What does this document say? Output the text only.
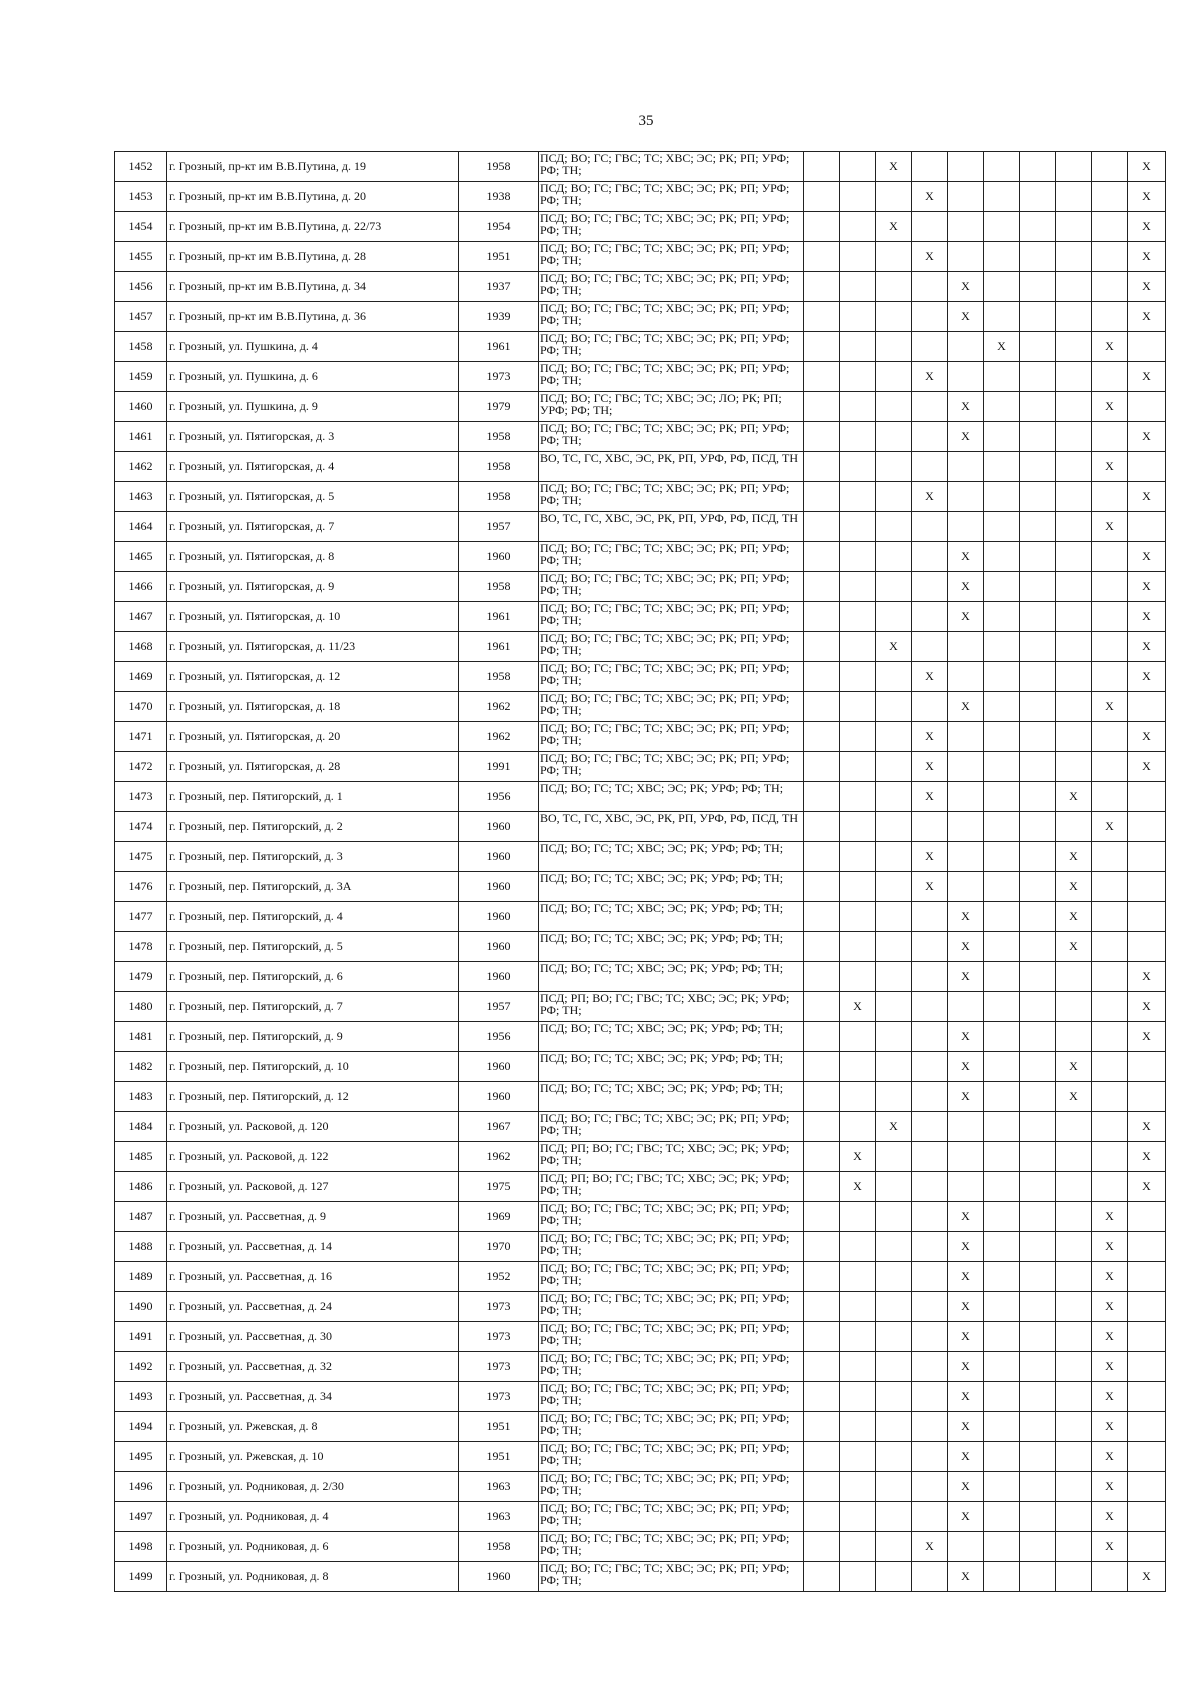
35
1452	г. Грозный, пр-кт им В.В.Путина, д. 19	1958	ПСД; ВО; ГС; ГВС; ТС; ХВС; ЭС; РК; РП; УРФ; РФ; ТН;			Х							Х
1453	г. Грозный, пр-кт им В.В.Путина, д. 20	1938	ПСД; ВО; ГС; ГВС; ТС; ХВС; ЭС; РК; РП; УРФ; РФ; ТН;				Х						Х
1454	г. Грозный, пр-кт им В.В.Путина, д. 22/73	1954	ПСД; ВО; ГС; ГВС; ТС; ХВС; ЭС; РК; РП; УРФ; РФ; ТН;			Х							Х
1455	г. Грозный, пр-кт им В.В.Путина, д. 28	1951	ПСД; ВО; ГС; ГВС; ТС; ХВС; ЭС; РК; РП; УРФ; РФ; ТН;				Х						Х
1456	г. Грозный, пр-кт им В.В.Путина, д. 34	1937	ПСД; ВО; ГС; ГВС; ТС; ХВС; ЭС; РК; РП; УРФ; РФ; ТН;					Х					Х
1457	г. Грозный, пр-кт им В.В.Путина, д. 36	1939	ПСД; ВО; ГС; ГВС; ТС; ХВС; ЭС; РК; РП; УРФ; РФ; ТН;					Х					Х
1458	г. Грозный, ул. Пушкина, д. 4	1961	ПСД; ВО; ГС; ГВС; ТС; ХВС; ЭС; РК; РП; УРФ; РФ; ТН;						Х			Х	
1459	г. Грозный, ул. Пушкина, д. 6	1973	ПСД; ВО; ГС; ГВС; ТС; ХВС; ЭС; РК; РП; УРФ; РФ; ТН;				Х						Х
1460	г. Грозный, ул. Пушкина, д. 9	1979	ПСД; ВО; ГС; ГВС; ТС; ХВС; ЭС; ЛО; РК; РП; УРФ; РФ; ТН;					Х				Х	
1461	г. Грозный, ул. Пятигорская, д. 3	1958	ПСД; ВО; ГС; ГВС; ТС; ХВС; ЭС; РК; РП; УРФ; РФ; ТН;					Х					Х
1462	г. Грозный, ул. Пятигорская, д. 4	1958	ВО, ТС, ГС, ХВС, ЭС, РК, РП, УРФ, РФ, ПСД, ТН									Х	
1463	г. Грозный, ул. Пятигорская, д. 5	1958	ПСД; ВО; ГС; ГВС; ТС; ХВС; ЭС; РК; РП; УРФ; РФ; ТН;				Х						Х
1464	г. Грозный, ул. Пятигорская, д. 7	1957	ВО, ТС, ГС, ХВС, ЭС, РК, РП, УРФ, РФ, ПСД, ТН									Х	
1465	г. Грозный, ул. Пятигорская, д. 8	1960	ПСД; ВО; ГС; ГВС; ТС; ХВС; ЭС; РК; РП; УРФ; РФ; ТН;					Х					Х
1466	г. Грозный, ул. Пятигорская, д. 9	1958	ПСД; ВО; ГС; ГВС; ТС; ХВС; ЭС; РК; РП; УРФ; РФ; ТН;					Х					Х
1467	г. Грозный, ул. Пятигорская, д. 10	1961	ПСД; ВО; ГС; ГВС; ТС; ХВС; ЭС; РК; РП; УРФ; РФ; ТН;					Х					Х
1468	г. Грозный, ул. Пятигорская, д. 11/23	1961	ПСД; ВО; ГС; ГВС; ТС; ХВС; ЭС; РК; РП; УРФ; РФ; ТН;			Х							Х
1469	г. Грозный, ул. Пятигорская, д. 12	1958	ПСД; ВО; ГС; ГВС; ТС; ХВС; ЭС; РК; РП; УРФ; РФ; ТН;				Х						Х
1470	г. Грозный, ул. Пятигорская, д. 18	1962	ПСД; ВО; ГС; ГВС; ТС; ХВС; ЭС; РК; РП; УРФ; РФ; ТН;					Х				Х	
1471	г. Грозный, ул. Пятигорская, д. 20	1962	ПСД; ВО; ГС; ГВС; ТС; ХВС; ЭС; РК; РП; УРФ; РФ; ТН;				Х						Х
1472	г. Грозный, ул. Пятигорская, д. 28	1991	ПСД; ВО; ГС; ГВС; ТС; ХВС; ЭС; РК; РП; УРФ; РФ; ТН;				Х						Х
1473	г. Грозный, пер. Пятигорский, д. 1	1956	ПСД; ВО; ГС; ТС; ХВС; ЭС; РК; УРФ; РФ; ТН;				Х				Х		
1474	г. Грозный, пер. Пятигорский, д. 2	1960	ВО, ТС, ГС, ХВС, ЭС, РК, РП, УРФ, РФ, ПСД, ТН									Х	
1475	г. Грозный, пер. Пятигорский, д. 3	1960	ПСД; ВО; ГС; ТС; ХВС; ЭС; РК; УРФ; РФ; ТН;				Х				Х		
1476	г. Грозный, пер. Пятигорский, д. 3А	1960	ПСД; ВО; ГС; ТС; ХВС; ЭС; РК; УРФ; РФ; ТН;				Х				Х		
1477	г. Грозный, пер. Пятигорский, д. 4	1960	ПСД; ВО; ГС; ТС; ХВС; ЭС; РК; УРФ; РФ; ТН;					Х			Х		
1478	г. Грозный, пер. Пятигорский, д. 5	1960	ПСД; ВО; ГС; ТС; ХВС; ЭС; РК; УРФ; РФ; ТН;					Х			Х		
1479	г. Грозный, пер. Пятигорский, д. 6	1960	ПСД; ВО; ГС; ТС; ХВС; ЭС; РК; УРФ; РФ; ТН;					Х					Х
1480	г. Грозный, пер. Пятигорский, д. 7	1957	ПСД; РП; ВО; ГС; ГВС; ТС; ХВС; ЭС; РК; УРФ; РФ; ТН;		Х								Х
1481	г. Грозный, пер. Пятигорский, д. 9	1956	ПСД; ВО; ГС; ТС; ХВС; ЭС; РК; УРФ; РФ; ТН;					Х					Х
1482	г. Грозный, пер. Пятигорский, д. 10	1960	ПСД; ВО; ГС; ТС; ХВС; ЭС; РК; УРФ; РФ; ТН;					Х			Х		
1483	г. Грозный, пер. Пятигорский, д. 12	1960	ПСД; ВО; ГС; ТС; ХВС; ЭС; РК; УРФ; РФ; ТН;					Х			Х		
1484	г. Грозный, ул. Расковой, д. 120	1967	ПСД; ВО; ГС; ГВС; ТС; ХВС; ЭС; РК; РП; УРФ; РФ; ТН;			Х							Х
1485	г. Грозный, ул. Расковой, д. 122	1962	ПСД; РП; ВО; ГС; ГВС; ТС; ХВС; ЭС; РК; УРФ; РФ; ТН;		Х								Х
1486	г. Грозный, ул. Расковой, д. 127	1975	ПСД; РП; ВО; ГС; ГВС; ТС; ХВС; ЭС; РК; УРФ; РФ; ТН;		Х								Х
1487	г. Грозный, ул. Рассветная, д. 9	1969	ПСД; ВО; ГС; ГВС; ТС; ХВС; ЭС; РК; РП; УРФ; РФ; ТН;					Х				Х	
1488	г. Грозный, ул. Рассветная, д. 14	1970	ПСД; ВО; ГС; ГВС; ТС; ХВС; ЭС; РК; РП; УРФ; РФ; ТН;					Х				Х	
1489	г. Грозный, ул. Рассветная, д. 16	1952	ПСД; ВО; ГС; ГВС; ТС; ХВС; ЭС; РК; РП; УРФ; РФ; ТН;					Х				Х	
1490	г. Грозный, ул. Рассветная, д. 24	1973	ПСД; ВО; ГС; ГВС; ТС; ХВС; ЭС; РК; РП; УРФ; РФ; ТН;					Х				Х	
1491	г. Грозный, ул. Рассветная, д. 30	1973	ПСД; ВО; ГС; ГВС; ТС; ХВС; ЭС; РК; РП; УРФ; РФ; ТН;					Х				Х	
1492	г. Грозный, ул. Рассветная, д. 32	1973	ПСД; ВО; ГС; ГВС; ТС; ХВС; ЭС; РК; РП; УРФ; РФ; ТН;					Х				Х	
1493	г. Грозный, ул. Рассветная, д. 34	1973	ПСД; ВО; ГС; ГВС; ТС; ХВС; ЭС; РК; РП; УРФ; РФ; ТН;					Х				Х	
1494	г. Грозный, ул. Ржевская, д. 8	1951	ПСД; ВО; ГС; ГВС; ТС; ХВС; ЭС; РК; РП; УРФ; РФ; ТН;					Х				Х	
1495	г. Грозный, ул. Ржевская, д. 10	1951	ПСД; ВО; ГС; ГВС; ТС; ХВС; ЭС; РК; РП; УРФ; РФ; ТН;					Х				Х	
1496	г. Грозный, ул. Родниковая, д. 2/30	1963	ПСД; ВО; ГС; ГВС; ТС; ХВС; ЭС; РК; РП; УРФ; РФ; ТН;					Х				Х	
1497	г. Грозный, ул. Родниковая, д. 4	1963	ПСД; ВО; ГС; ГВС; ТС; ХВС; ЭС; РК; РП; УРФ; РФ; ТН;					Х				Х	
1498	г. Грозный, ул. Родниковая, д. 6	1958	ПСД; ВО; ГС; ГВС; ТС; ХВС; ЭС; РК; РП; УРФ; РФ; ТН;				Х					Х	
1499	г. Грозный, ул. Родниковая, д. 8	1960	ПСД; ВО; ГС; ГВС; ТС; ХВС; ЭС; РК; РП; УРФ; РФ; ТН;					Х					Х
